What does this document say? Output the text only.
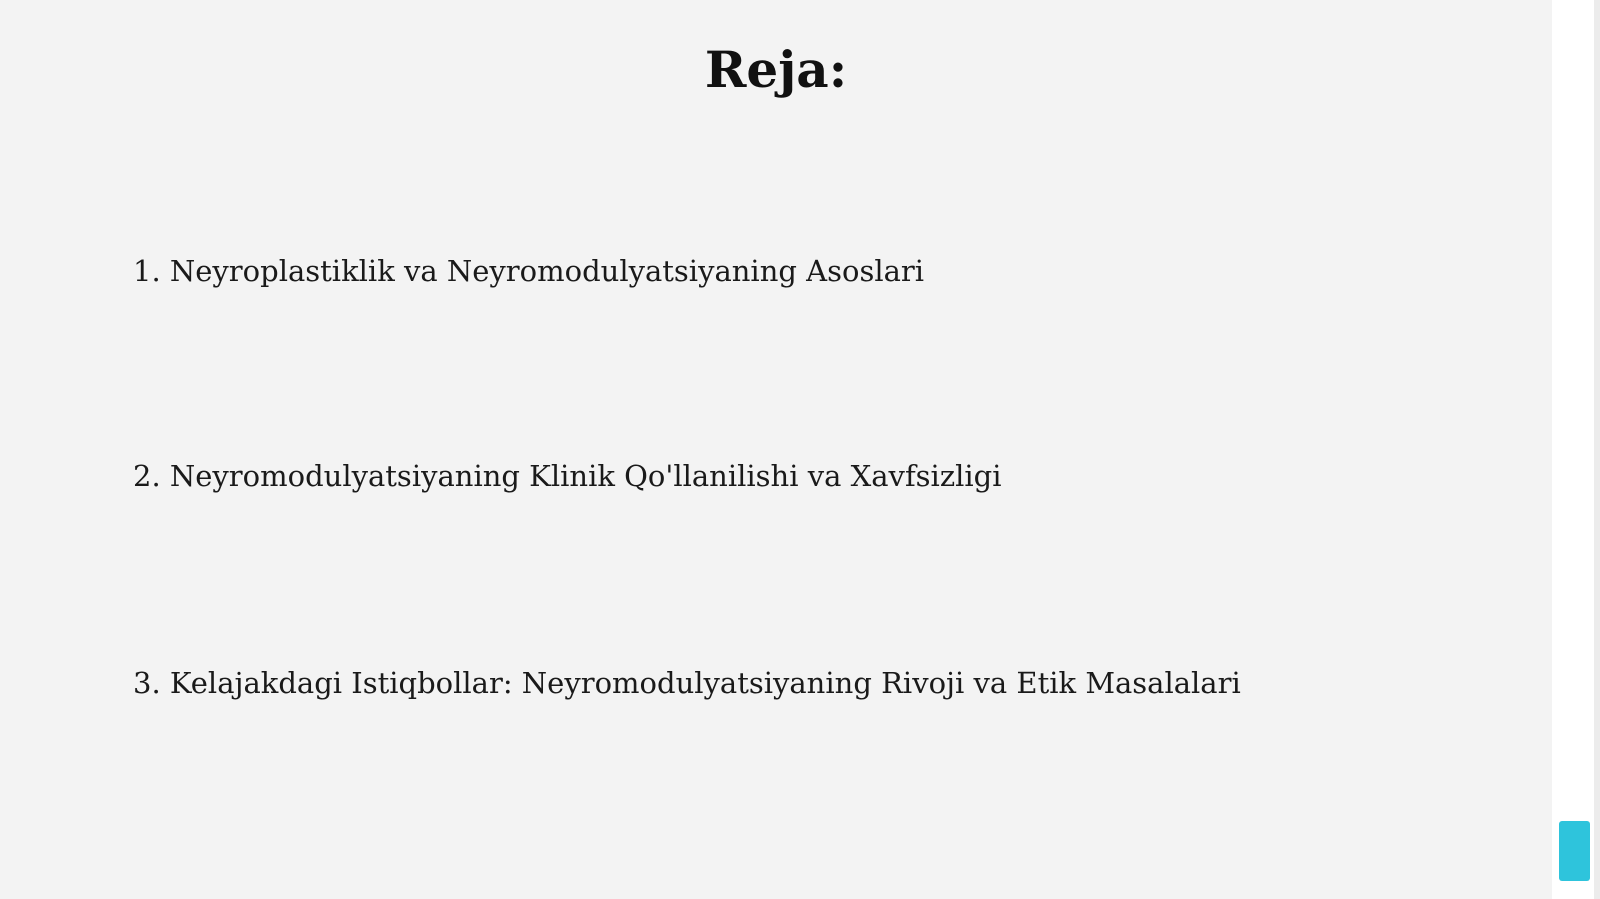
Reja:

1. Neyroplastiklik va Neyromodulyatsiyaning Asoslari

2. Neyromodulyatsiyaning Klinik Qo'llanilishi va Xavfsizligi

3. Kelajakdagi Istiqbollar: Neyromodulyatsiyaning Rivoji va Etik Masalalari
